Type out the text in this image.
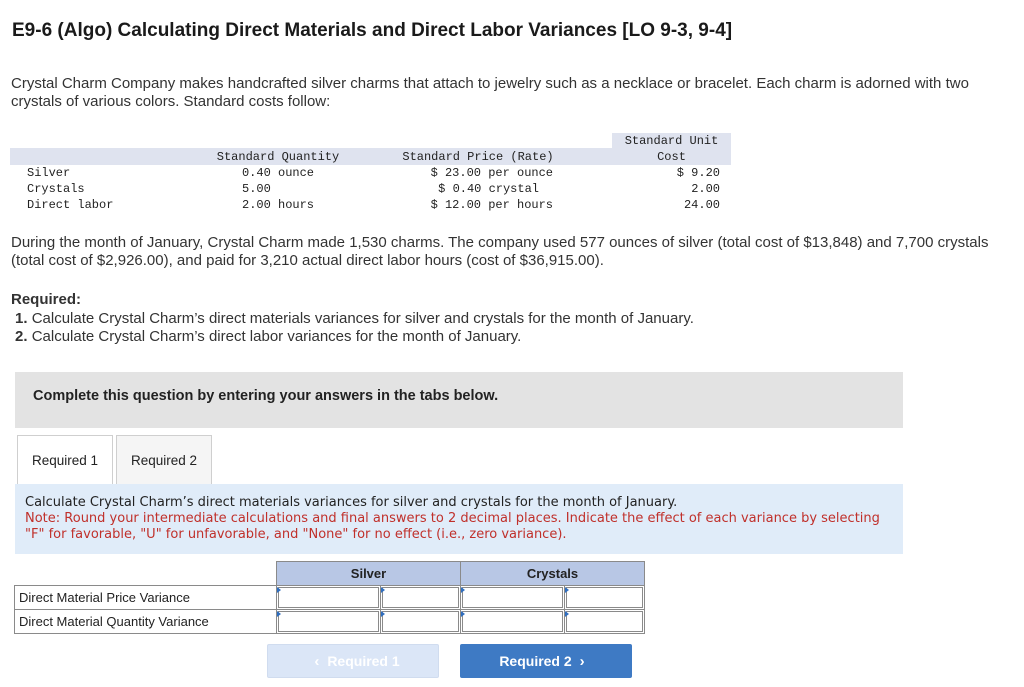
E9-6 (Algo) Calculating Direct Materials and Direct Labor Variances [LO 9-3, 9-4]
Crystal Charm Company makes handcrafted silver charms that attach to jewelry such as a necklace or bracelet. Each charm is adorned with two crystals of various colors. Standard costs follow:
Standard Quantity	Standard Price (Rate)
Standard Unit
Cost
Silver	0.40 ounce	$ 23.00 per ounce	$ 9.20
Crystals	5.00	$ 0.40 crystal	2.00
Direct labor	2.00 hours	$ 12.00 per hours	24.00
During the month of January, Crystal Charm made 1,530 charms. The company used 577 ounces of silver (total cost of $13,848) and 7,700 crystals (total cost of $2,926.00), and paid for 3,210 actual direct labor hours (cost of $36,915.00).
Required:
1. Calculate Crystal Charm’s direct materials variances for silver and crystals for the month of January.
2. Calculate Crystal Charm’s direct labor variances for the month of January.
Complete this question by entering your answers in the tabs below.
Required 1	Required 2
Calculate Crystal Charm’s direct materials variances for silver and crystals for the month of January.
Note: Round your intermediate calculations and final answers to 2 decimal places. Indicate the effect of each variance by selecting "F" for favorable, "U" for unfavorable, and "None" for no effect (i.e., zero variance).
	Silver		Crystals	
Direct Material Price Variance	

Direct Material Quantity Variance	

‹ Required 1	Required 2 ›
